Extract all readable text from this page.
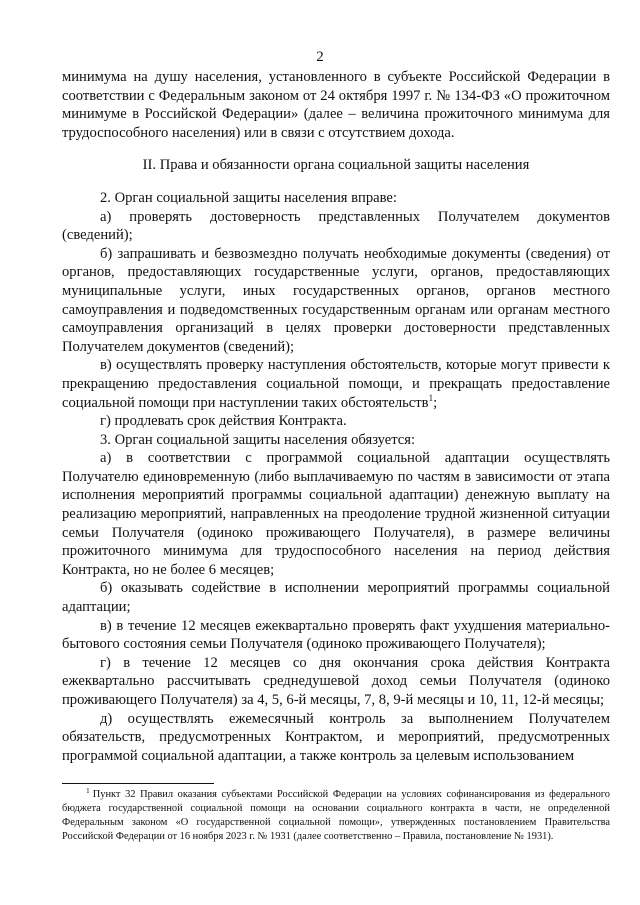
2

минимума на душу населения, установленного в субъекте Российской Федерации в соответствии с Федеральным законом от 24 октября 1997 г. № 134-ФЗ «О прожиточном минимуме в Российской Федерации» (далее – величина прожиточного минимума для трудоспособного населения) или в связи с отсутствием дохода.

II. Права и обязанности органа социальной защиты населения

2. Орган социальной защиты населения вправе:

а) проверять достоверность представленных Получателем документов (сведений);

б) запрашивать и безвозмездно получать необходимые документы (сведения) от органов, предоставляющих государственные услуги, органов, предоставляющих муниципальные услуги, иных государственных органов, органов местного самоуправления и подведомственных государственным органам или органам местного самоуправления организаций в целях проверки достоверности представленных Получателем документов (сведений);

в) осуществлять проверку наступления обстоятельств, которые могут привести к прекращению предоставления социальной помощи, и прекращать предоставление социальной помощи при наступлении таких обстоятельств$^1$;

г) продлевать срок действия Контракта.

3. Орган социальной защиты населения обязуется:

а) в соответствии с программой социальной адаптации осуществлять Получателю единовременную (либо выплачиваемую по частям в зависимости от этапа исполнения мероприятий программы социальной адаптации) денежную выплату на реализацию мероприятий, направленных на преодоление трудной жизненной ситуации семьи Получателя (одиноко проживающего Получателя), в размере величины прожиточного минимума для трудоспособного населения на период действия Контракта, но не более 6 месяцев;

б) оказывать содействие в исполнении мероприятий программы социальной адаптации;

в) в течение 12 месяцев ежеквартально проверять факт ухудшения материально-бытового состояния семьи Получателя (одиноко проживающего Получателя);

г) в течение 12 месяцев со дня окончания срока действия Контракта ежеквартально рассчитывать среднедушевой доход семьи Получателя (одиноко проживающего Получателя) за 4, 5, 6-й месяцы, 7, 8, 9-й месяцы и 10, 11, 12-й месяцы;

д) осуществлять ежемесячный контроль за выполнением Получателем обязательств, предусмотренных Контрактом, и мероприятий, предусмотренных программой социальной адаптации, а также контроль за целевым использованием

$^1$ Пункт 32 Правил оказания субъектами Российской Федерации на условиях софинансирования из федерального бюджета государственной социальной помощи на основании социального контракта в части, не определенной Федеральным законом «О государственной социальной помощи», утвержденных постановлением Правительства Российской Федерации от 16 ноября 2023 г. № 1931 (далее соответственно – Правила, постановление № 1931).
